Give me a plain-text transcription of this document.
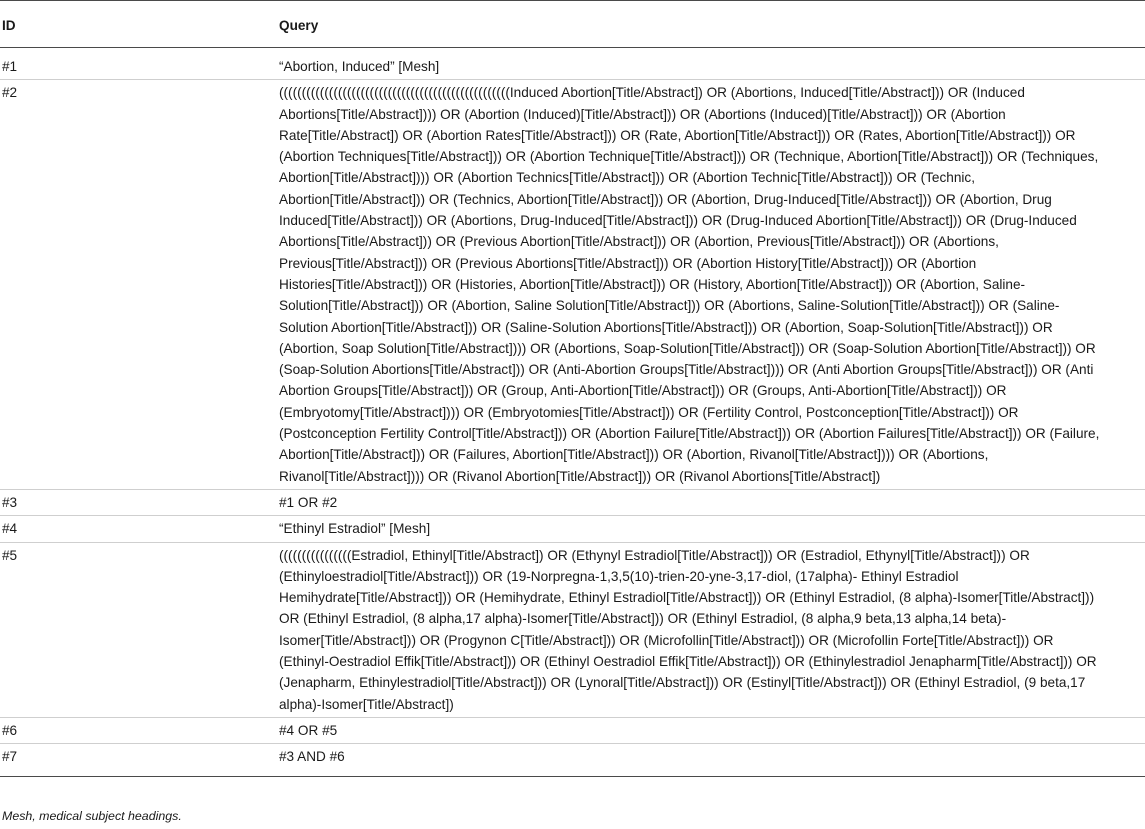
ID	Query
#1	“Abortion, Induced” [Mesh]
#2	(((((((((((((((((((((((((((((((((((((((((((((((((((Induced Abortion[Title/Abstract]) OR (Abortions, Induced[Title/Abstract])) OR (Induced Abortions[Title/Abstract]))) OR (Abortion (Induced)[Title/Abstract])) OR (Abortions (Induced)[Title/Abstract])) OR (Abortion Rate[Title/Abstract]) OR (Abortion Rates[Title/Abstract])) OR (Rate, Abortion[Title/Abstract])) OR (Rates, Abortion[Title/Abstract])) OR (Abortion Techniques[Title/Abstract])) OR (Abortion Technique[Title/Abstract])) OR (Technique, Abortion[Title/Abstract])) OR (Techniques, Abortion[Title/Abstract]))) OR (Abortion Technics[Title/Abstract])) OR (Abortion Technic[Title/Abstract])) OR (Technic, Abortion[Title/Abstract])) OR (Technics, Abortion[Title/Abstract])) OR (Abortion, Drug-Induced[Title/Abstract])) OR (Abortion, Drug Induced[Title/Abstract])) OR (Abortions, Drug-Induced[Title/Abstract])) OR (Drug-Induced Abortion[Title/Abstract])) OR (Drug-Induced Abortions[Title/Abstract])) OR (Previous Abortion[Title/Abstract])) OR (Abortion, Previous[Title/Abstract])) OR (Abortions, Previous[Title/Abstract])) OR (Previous Abortions[Title/Abstract])) OR (Abortion History[Title/Abstract])) OR (Abortion Histories[Title/Abstract])) OR (Histories, Abortion[Title/Abstract])) OR (History, Abortion[Title/Abstract])) OR (Abortion, Saline-Solution[Title/Abstract])) OR (Abortion, Saline Solution[Title/Abstract])) OR (Abortions, Saline-Solution[Title/Abstract])) OR (Saline-Solution Abortion[Title/Abstract])) OR (Saline-Solution Abortions[Title/Abstract])) OR (Abortion, Soap-Solution[Title/Abstract])) OR (Abortion, Soap Solution[Title/Abstract]))) OR (Abortions, Soap-Solution[Title/Abstract])) OR (Soap-Solution Abortion[Title/Abstract])) OR (Soap-Solution Abortions[Title/Abstract])) OR (Anti-Abortion Groups[Title/Abstract]))) OR (Anti Abortion Groups[Title/Abstract])) OR (Anti Abortion Groups[Title/Abstract])) OR (Group, Anti-Abortion[Title/Abstract])) OR (Groups, Anti-Abortion[Title/Abstract])) OR (Embryotomy[Title/Abstract]))) OR (Embryotomies[Title/Abstract])) OR (Fertility Control, Postconception[Title/Abstract])) OR (Postconception Fertility Control[Title/Abstract])) OR (Abortion Failure[Title/Abstract])) OR (Abortion Failures[Title/Abstract])) OR (Failure, Abortion[Title/Abstract])) OR (Failures, Abortion[Title/Abstract])) OR (Abortion, Rivanol[Title/Abstract]))) OR (Abortions, Rivanol[Title/Abstract]))) OR (Rivanol Abortion[Title/Abstract])) OR (Rivanol Abortions[Title/Abstract])
#3	#1 OR #2
#4	“Ethinyl Estradiol” [Mesh]
#5	((((((((((((((((Estradiol, Ethinyl[Title/Abstract]) OR (Ethynyl Estradiol[Title/Abstract])) OR (Estradiol, Ethynyl[Title/Abstract])) OR (Ethinyloestradiol[Title/Abstract])) OR (19-Norpregna-1,3,5(10)-trien-20-yne-3,17-diol, (17alpha)- Ethinyl Estradiol Hemihydrate[Title/Abstract])) OR (Hemihydrate, Ethinyl Estradiol[Title/Abstract])) OR (Ethinyl Estradiol, (8 alpha)-Isomer[Title/Abstract])) OR (Ethinyl Estradiol, (8 alpha,17 alpha)-Isomer[Title/Abstract])) OR (Ethinyl Estradiol, (8 alpha,9 beta,13 alpha,14 beta)-Isomer[Title/Abstract])) OR (Progynon C[Title/Abstract])) OR (Microfollin[Title/Abstract])) OR (Microfollin Forte[Title/Abstract])) OR (Ethinyl-Oestradiol Effik[Title/Abstract])) OR (Ethinyl Oestradiol Effik[Title/Abstract])) OR (Ethinylestradiol Jenapharm[Title/Abstract])) OR (Jenapharm, Ethinylestradiol[Title/Abstract])) OR (Lynoral[Title/Abstract])) OR (Estinyl[Title/Abstract])) OR (Ethinyl Estradiol, (9 beta,17 alpha)-Isomer[Title/Abstract])
#6	#4 OR #5
#7	#3 AND #6
Mesh, medical subject headings.
